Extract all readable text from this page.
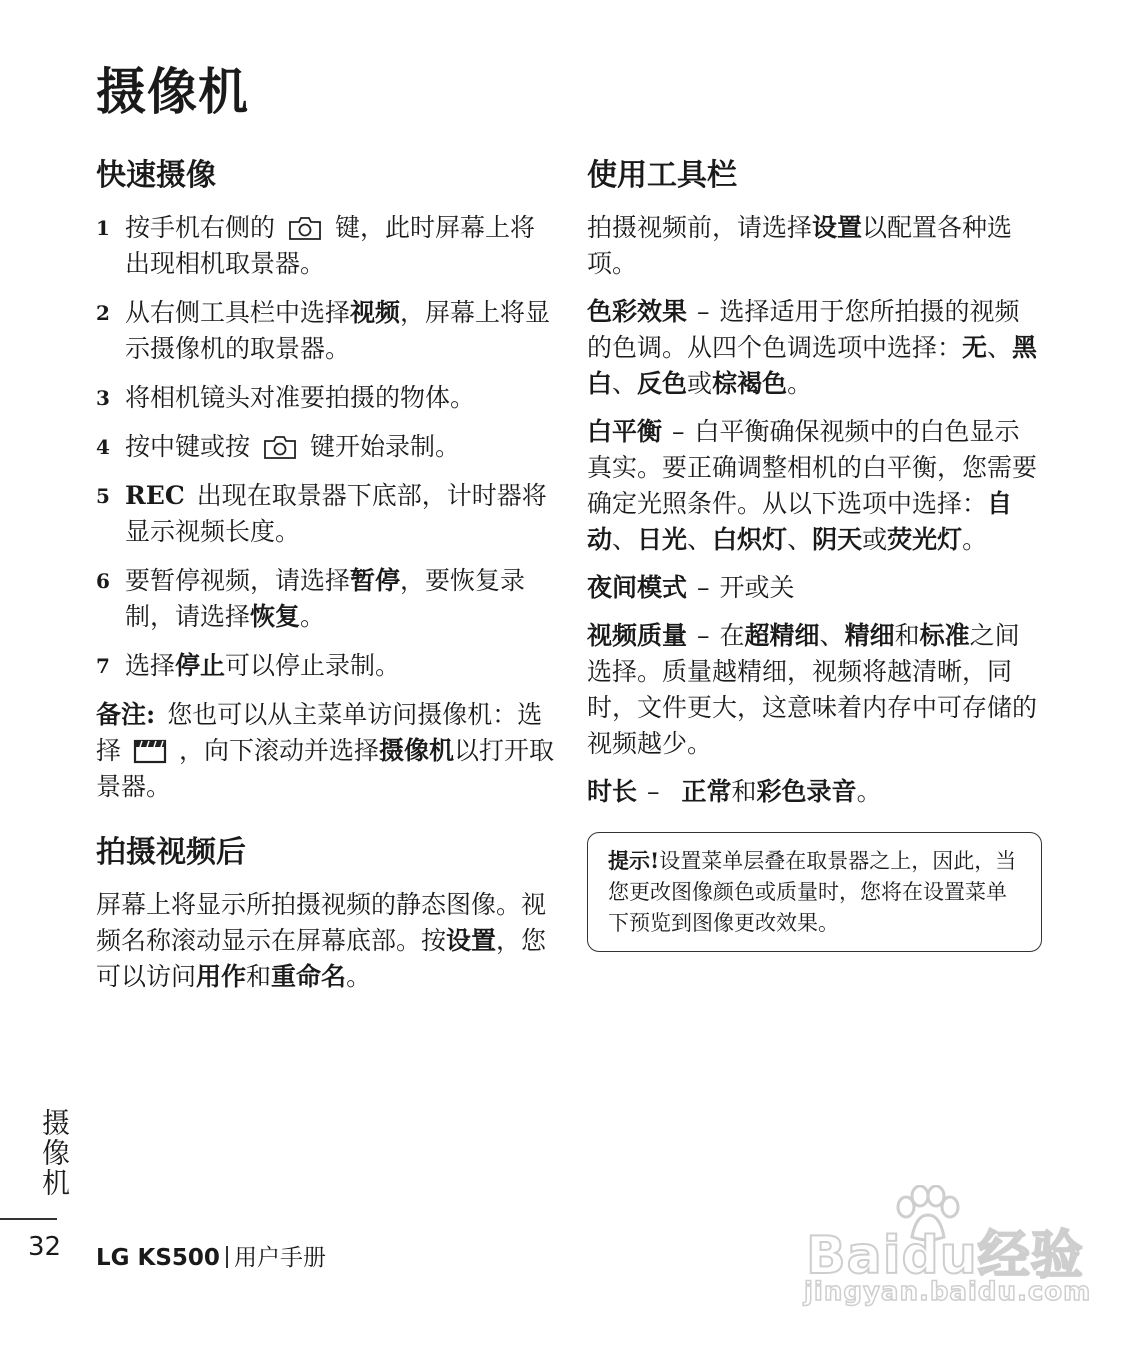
摄像机
快速摄像
1 按手机右侧的 键，此时屏幕上将出现相机取景器。
2 从右侧工具栏中选择视频，屏幕上将显示摄像机的取景器。
3 将相机镜头对准要拍摄的物体。
4 按中键或按 键开始录制。
5 REC 出现在取景器下底部，计时器将显示视频长度。
6 要暂停视频，请选择暂停，要恢复录制，请选择恢复。
7 选择停止可以停止录制。

备注: 您也可以从主菜单访问摄像机：选择 ，向下滚动并选择摄像机以打开取景器。

拍摄视频后

屏幕上将显示所拍摄视频的静态图像。视频名称滚动显示在屏幕底部。按设置，您可以访问用作和重命名。

使用工具栏

拍摄视频前，请选择设置以配置各种选项。

色彩效果 – 选择适用于您所拍摄的视频的色调。从四个色调选项中选择：无、黑白、反色或棕褐色。

白平衡 – 白平衡确保视频中的白色显示真实。要正确调整相机的白平衡，您需要确定光照条件。从以下选项中选择：自动、日光、白炽灯、阴天或荧光灯。

夜间模式 – 开或关

视频质量 – 在超精细、精细和标准之间选择。质量越精细，视频将越清晰，同时，文件更大，这意味着内存中可存储的视频越少。

时长 – 正常和彩色录音。

提示!设置菜单层叠在取景器之上，因此，当您更改图像颜色或质量时，您将在设置菜单下预览到图像更改效果。

摄像机
32 LG KS500 用户手册	Baidu经验
jingyan.baidu.com
